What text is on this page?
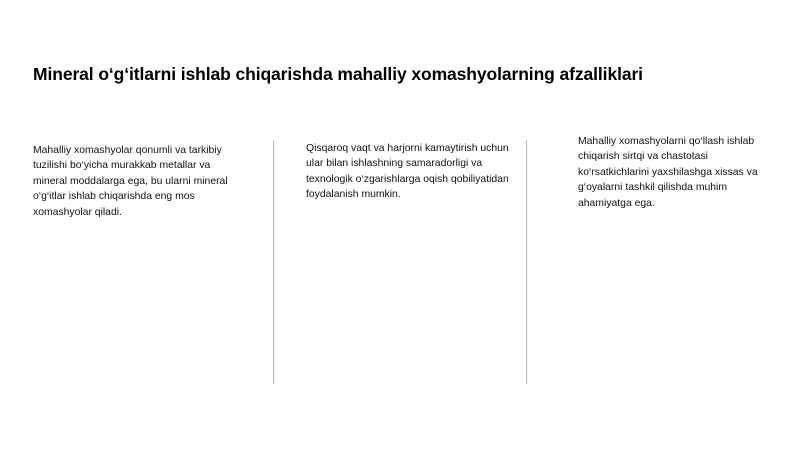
Mineral o‘g‘itlarni ishlab chiqarishda mahalliy xomashyolarning afzalliklari
Mahalliy xomashyolar qonumli va tarkibiy tuzilishi bo‘yicha murakkab metallar va mineral moddalarga ega, bu ularni mineral o‘g‘itlar ishlab chiqarishda eng mos xomashyolar qiladi.
Qisqaroq vaqt va harjorni kamaytirish uchun ular bilan ishlashning samaradorligi va texnologik o‘zgarishlarga oqish qobiliyatidan foydalanish mumkin.
Mahalliy xomashyolarni qo‘llash ishlab chiqarish sirtqi va chastotasi ko‘rsatkichlarini yaxshilashga xissas va g‘oyalarni tashkil qilishda muhim ahamiyatga ega.
